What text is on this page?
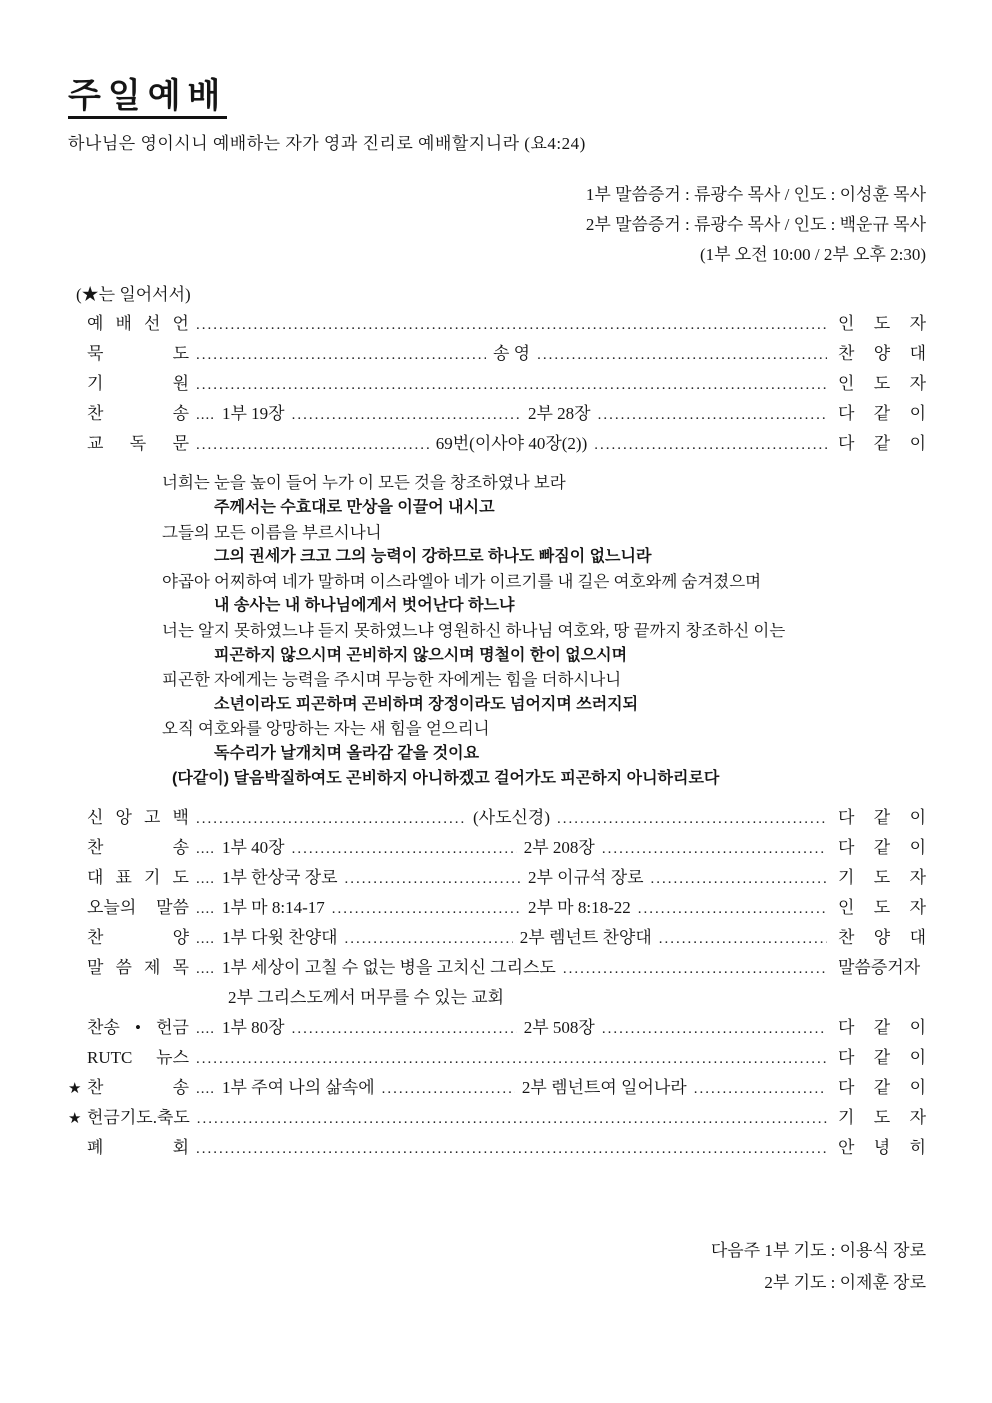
주일예배
하나님은 영이시니 예배하는 자가 영과 진리로 예배할지니라 (요4:24)
1부 말씀증거 : 류광수 목사 / 인도 : 이성훈 목사
2부 말씀증거 : 류광수 목사 / 인도 : 백운규 목사
(1부 오전 10:00 / 2부 오후 2:30)
(★는 일어서서)
예 배 선 언 .....	인 도 자
묵	도 .....	송 영 .....	찬 양 대
기	원 .....	인 도 자
찬	송 .... 1부 19장 .....	2부 28장 .....	다 같 이
교 독 문 .....	69번(이사야 40장(2)) .....	다 같 이
너희는 눈을 높이 들어 누가 이 모든 것을 창조하였나 보라
주께서는 수효대로 만상을 이끌어 내시고
그들의 모든 이름을 부르시나니
그의 권세가 크고 그의 능력이 강하므로 하나도 빠짐이 없느니라
야곱아 어찌하여 네가 말하며 이스라엘아 네가 이르기를 내 길은 여호와께 숨겨졌으며
내 송사는 내 하나님에게서 벗어난다 하느냐
너는 알지 못하였느냐 듣지 못하였느냐 영원하신 하나님 여호와, 땅 끝까지 창조하신 이는
피곤하지 않으시며 곤비하지 않으시며 명철이 한이 없으시며
피곤한 자에게는 능력을 주시며 무능한 자에게는 힘을 더하시나니
소년이라도 피곤하며 곤비하며 장정이라도 넘어지며 쓰러지되
오직 여호와를 앙망하는 자는 새 힘을 얻으리니
독수리가 날개치며 올라감 같을 것이요
(다같이) 달음박질하여도 곤비하지 아니하겠고 걸어가도 피곤하지 아니하리로다
신 앙 고 백 .....	(사도신경) .....	다 같 이
찬	송 .... 1부 40장 .....	2부 208장 .....	다 같 이
대 표 기 도 .... 1부 한상국 장로 .....	2부 이규석 장로 .....	기 도 자
오늘의 말씀 .... 1부 마 8:14-17 .....	2부 마 8:18-22 .....	인 도 자
찬	양 .... 1부 다윗 찬양대 .....	2부 렘넌트 찬양대 .....	찬 양 대
말 씀 제 목 .... 1부 세상이 고칠 수 없는 병을 고치신 그리스도 .....	말씀증거자
2부 그리스도께서 머무를 수 있는 교회
찬송 • 헌금 .... 1부 80장 .....	2부 508장 .....	다 같 이
RUTC 뉴스 .....	다 같 이
★ 찬	송 .... 1부 주여 나의 삶속에 .....	2부 렘넌트여 일어나라 .....	다 같 이
★ 헌금기도.축도 .....	기 도 자
폐	회 .....	안 녕 히
다음주 1부 기도 : 이용식 장로
2부 기도 : 이제훈 장로
